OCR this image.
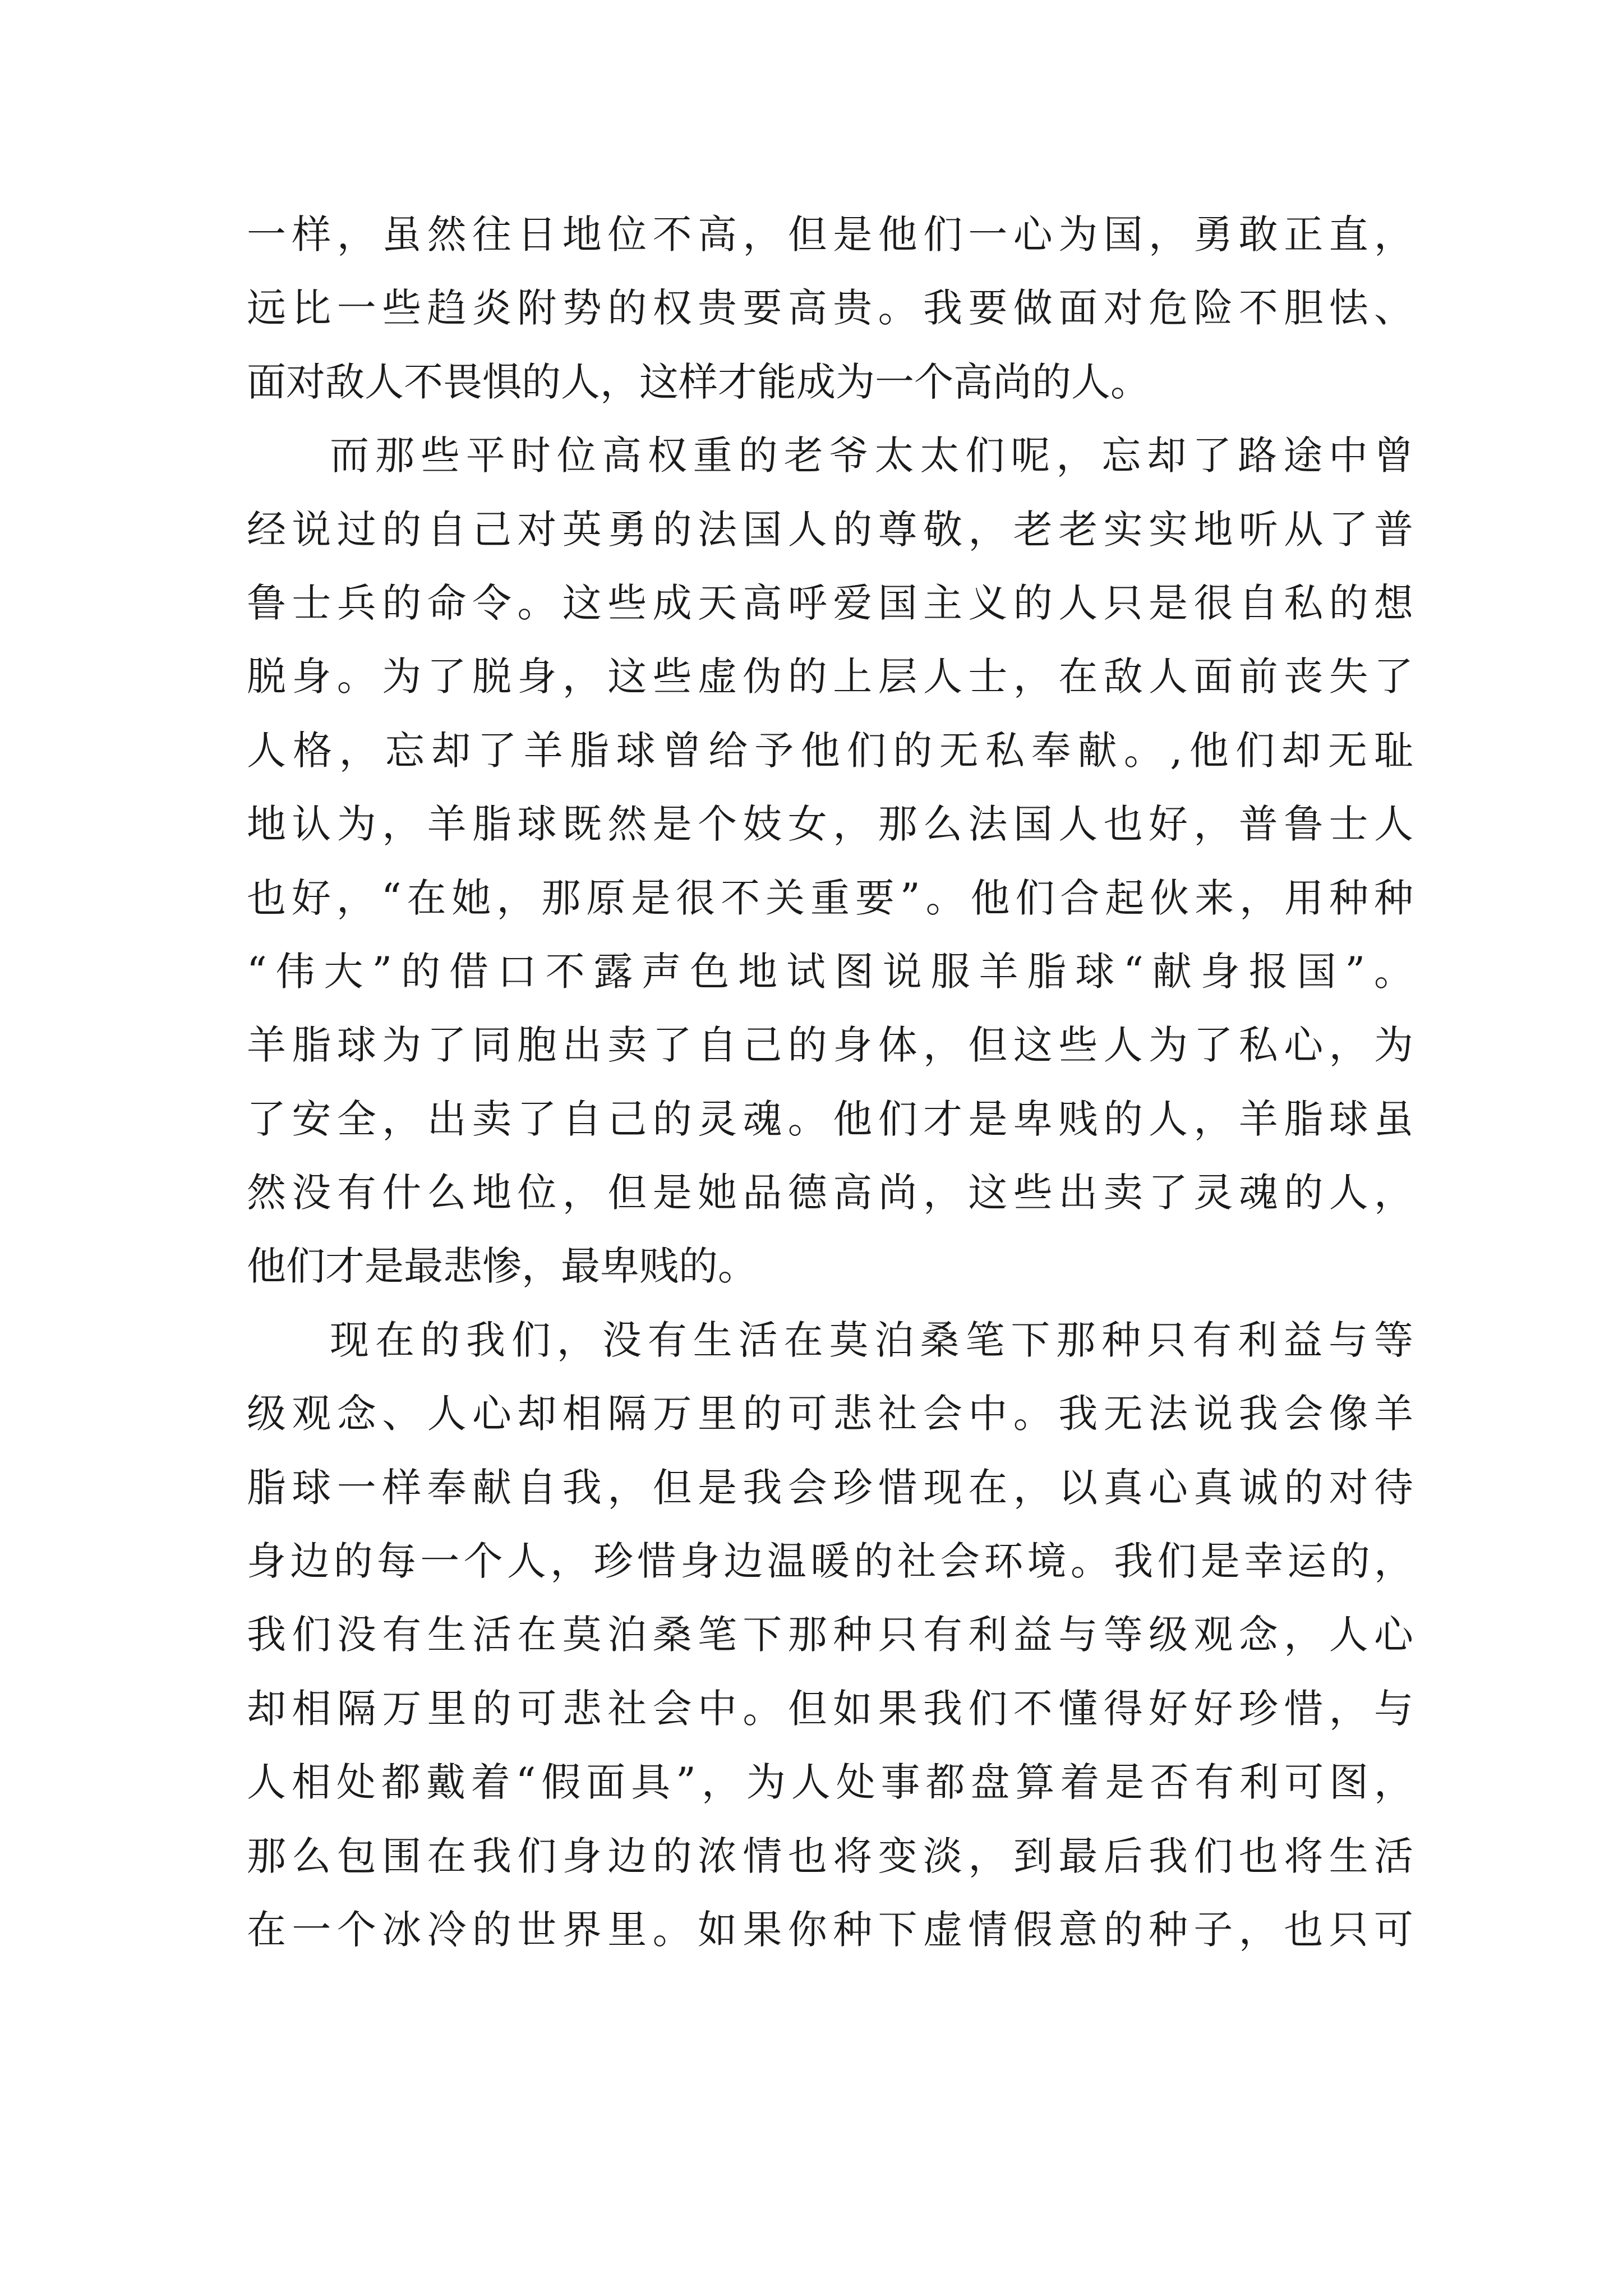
一样，虽然往日地位不高，但是他们一心为国，勇敢正直，
远比一些趋炎附势的权贵要高贵。我要做面对危险不胆怯、
面对敌人不畏惧的人，这样才能成为一个高尚的人。
而那些平时位高权重的老爷太太们呢，忘却了路途中曾
经说过的自己对英勇的法国人的尊敬，老老实实地听从了普
鲁士兵的命令。这些成天高呼爱国主义的人只是很自私的想
脱身。为了脱身，这些虚伪的上层人士，在敌人面前丧失了
人格，忘却了羊脂球曾给予他们的无私奉献。,他们却无耻
地认为，羊脂球既然是个妓女，那么法国人也好，普鲁士人
也好，“在她，那原是很不关重要”。他们合起伙来，用种种
“伟大”的借口不露声色地试图说服羊脂球“献身报国”。
羊脂球为了同胞出卖了自己的身体，但这些人为了私心，为
了安全，出卖了自己的灵魂。他们才是卑贱的人，羊脂球虽
然没有什么地位，但是她品德高尚，这些出卖了灵魂的人，
他们才是最悲惨，最卑贱的。
现在的我们，没有生活在莫泊桑笔下那种只有利益与等
级观念、人心却相隔万里的可悲社会中。我无法说我会像羊
脂球一样奉献自我，但是我会珍惜现在，以真心真诚的对待
身边的每一个人，珍惜身边温暖的社会环境。我们是幸运的，
我们没有生活在莫泊桑笔下那种只有利益与等级观念，人心
却相隔万里的可悲社会中。但如果我们不懂得好好珍惜，与
人相处都戴着“假面具”，为人处事都盘算着是否有利可图，
那么包围在我们身边的浓情也将变淡，到最后我们也将生活
在一个冰冷的世界里。如果你种下虚情假意的种子，也只可
